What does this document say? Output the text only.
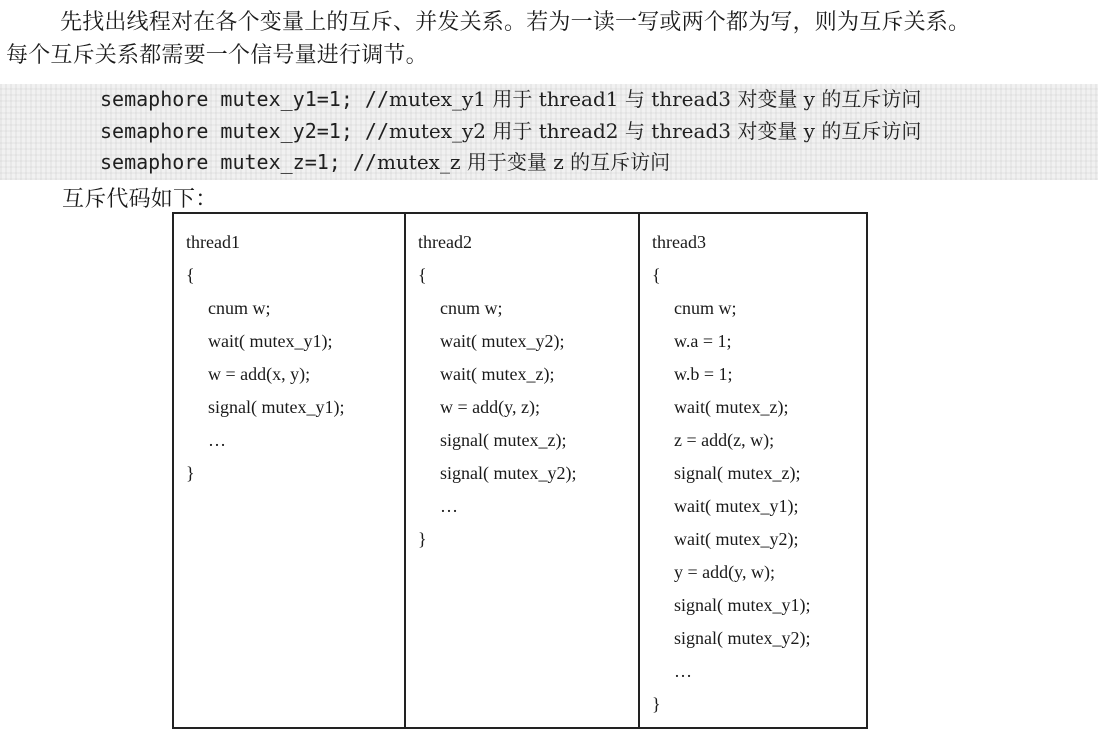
先找出线程对在各个变量上的互斥、并发关系。若为一读一写或两个都为写，则为互斥关系。
每个互斥关系都需要一个信号量进行调节。
semaphore mutex_y1=1; //mutex_y1 用于 thread1 与 thread3 对变量 y 的互斥访问
semaphore mutex_y2=1; //mutex_y2 用于 thread2 与 thread3 对变量 y 的互斥访问
semaphore mutex_z=1; //mutex_z 用于变量 z 的互斥访问
互斥代码如下：
thread1
{
cnum w;
wait( mutex_y1);
w = add(x, y);
signal( mutex_y1);
…
}

thread2
{
cnum w;
wait( mutex_y2);
wait( mutex_z);
w = add(y, z);
signal( mutex_z);
signal( mutex_y2);
…
}

thread3
{
cnum w;
w.a = 1;
w.b = 1;
wait( mutex_z);
z = add(z, w);
signal( mutex_z);
wait( mutex_y1);
wait( mutex_y2);
y = add(y, w);
signal( mutex_y1);
signal( mutex_y2);
…
}
